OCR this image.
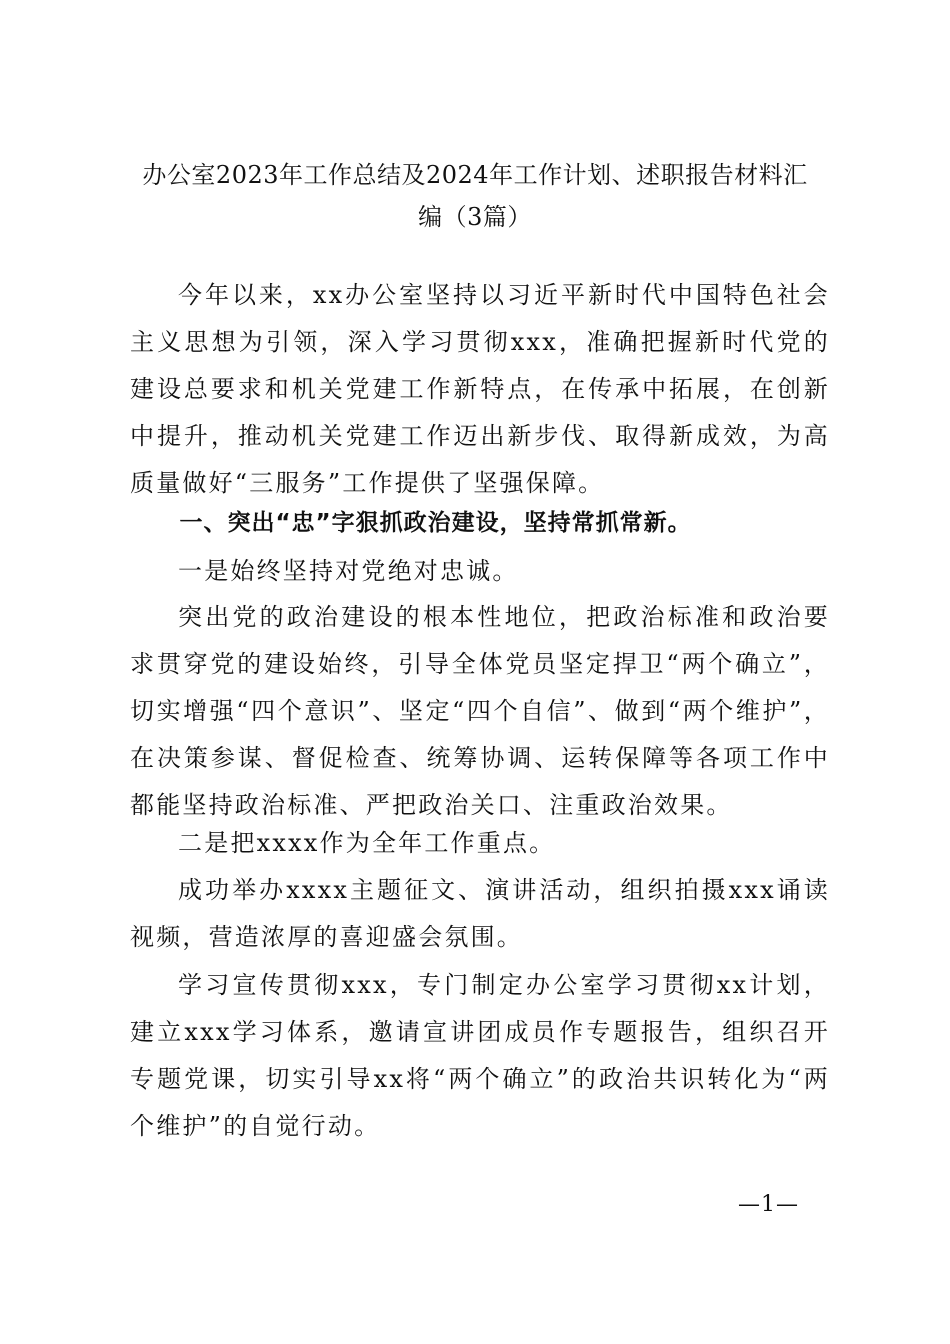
办公室2023年工作总结及2024年工作计划、述职报告材料汇
编（3篇）

今年以来，xx办公室坚持以习近平新时代中国特色社会主义思想为引领，深入学习贯彻xxx，准确把握新时代党的建设总要求和机关党建工作新特点，在传承中拓展，在创新中提升，推动机关党建工作迈出新步伐、取得新成效，为高质量做好“三服务”工作提供了坚强保障。

一、突出“忠”字狠抓政治建设，坚持常抓常新。

一是始终坚持对党绝对忠诚。

突出党的政治建设的根本性地位，把政治标准和政治要求贯穿党的建设始终，引导全体党员坚定捍卫“两个确立”，切实增强“四个意识”、坚定“四个自信”、做到“两个维护”，在决策参谋、督促检查、统筹协调、运转保障等各项工作中都能坚持政治标准、严把政治关口、注重政治效果。

二是把xxxx作为全年工作重点。

成功举办xxxx主题征文、演讲活动，组织拍摄xxx诵读视频，营造浓厚的喜迎盛会氛围。

学习宣传贯彻xxx，专门制定办公室学习贯彻xx计划，建立xxx学习体系，邀请宣讲团成员作专题报告，组织召开专题党课，切实引导xx将“两个确立”的政治共识转化为“两个维护”的自觉行动。

—1—
